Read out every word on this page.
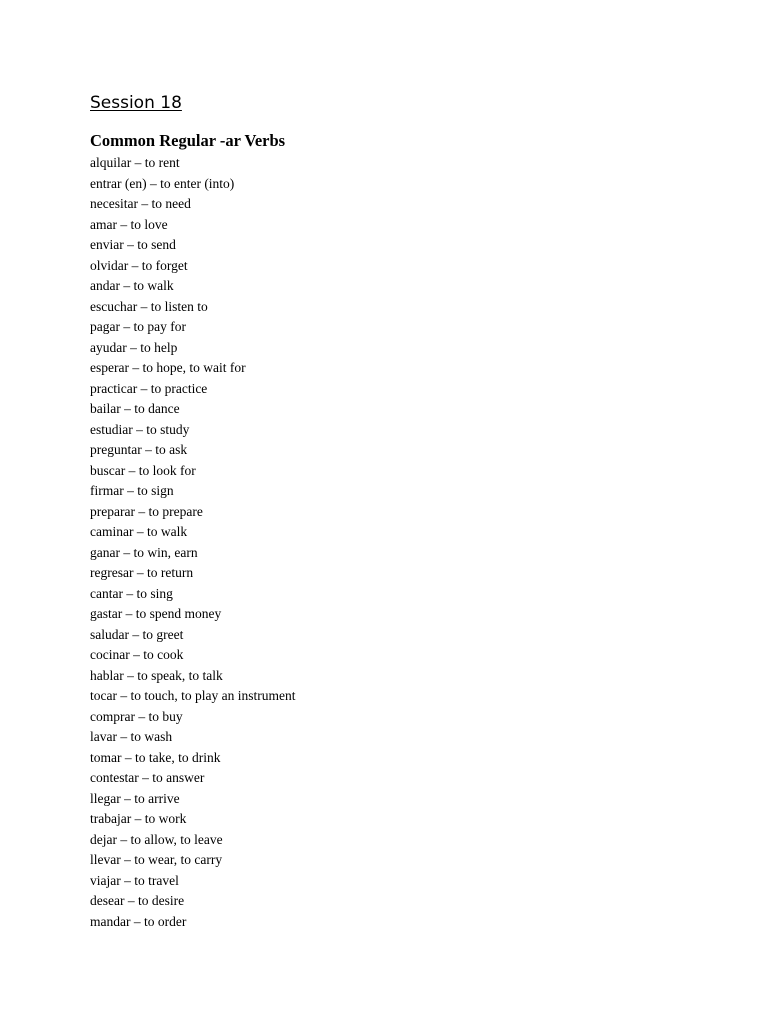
Session 18
Common Regular -ar Verbs
alquilar – to rent
entrar (en) – to enter (into)
necesitar – to need
amar – to love
enviar – to send
olvidar – to forget
andar – to walk
escuchar – to listen to
pagar – to pay for
ayudar – to help
esperar – to hope, to wait for
practicar – to practice
bailar – to dance
estudiar – to study
preguntar – to ask
buscar – to look for
firmar – to sign
preparar – to prepare
caminar – to walk
ganar – to win, earn
regresar – to return
cantar – to sing
gastar – to spend money
saludar – to greet
cocinar – to cook
hablar – to speak, to talk
tocar – to touch, to play an instrument
comprar – to buy
lavar – to wash
tomar – to take, to drink
contestar – to answer
llegar – to arrive
trabajar – to work
dejar – to allow, to leave
llevar – to wear, to carry
viajar – to travel
desear – to desire
mandar – to order
